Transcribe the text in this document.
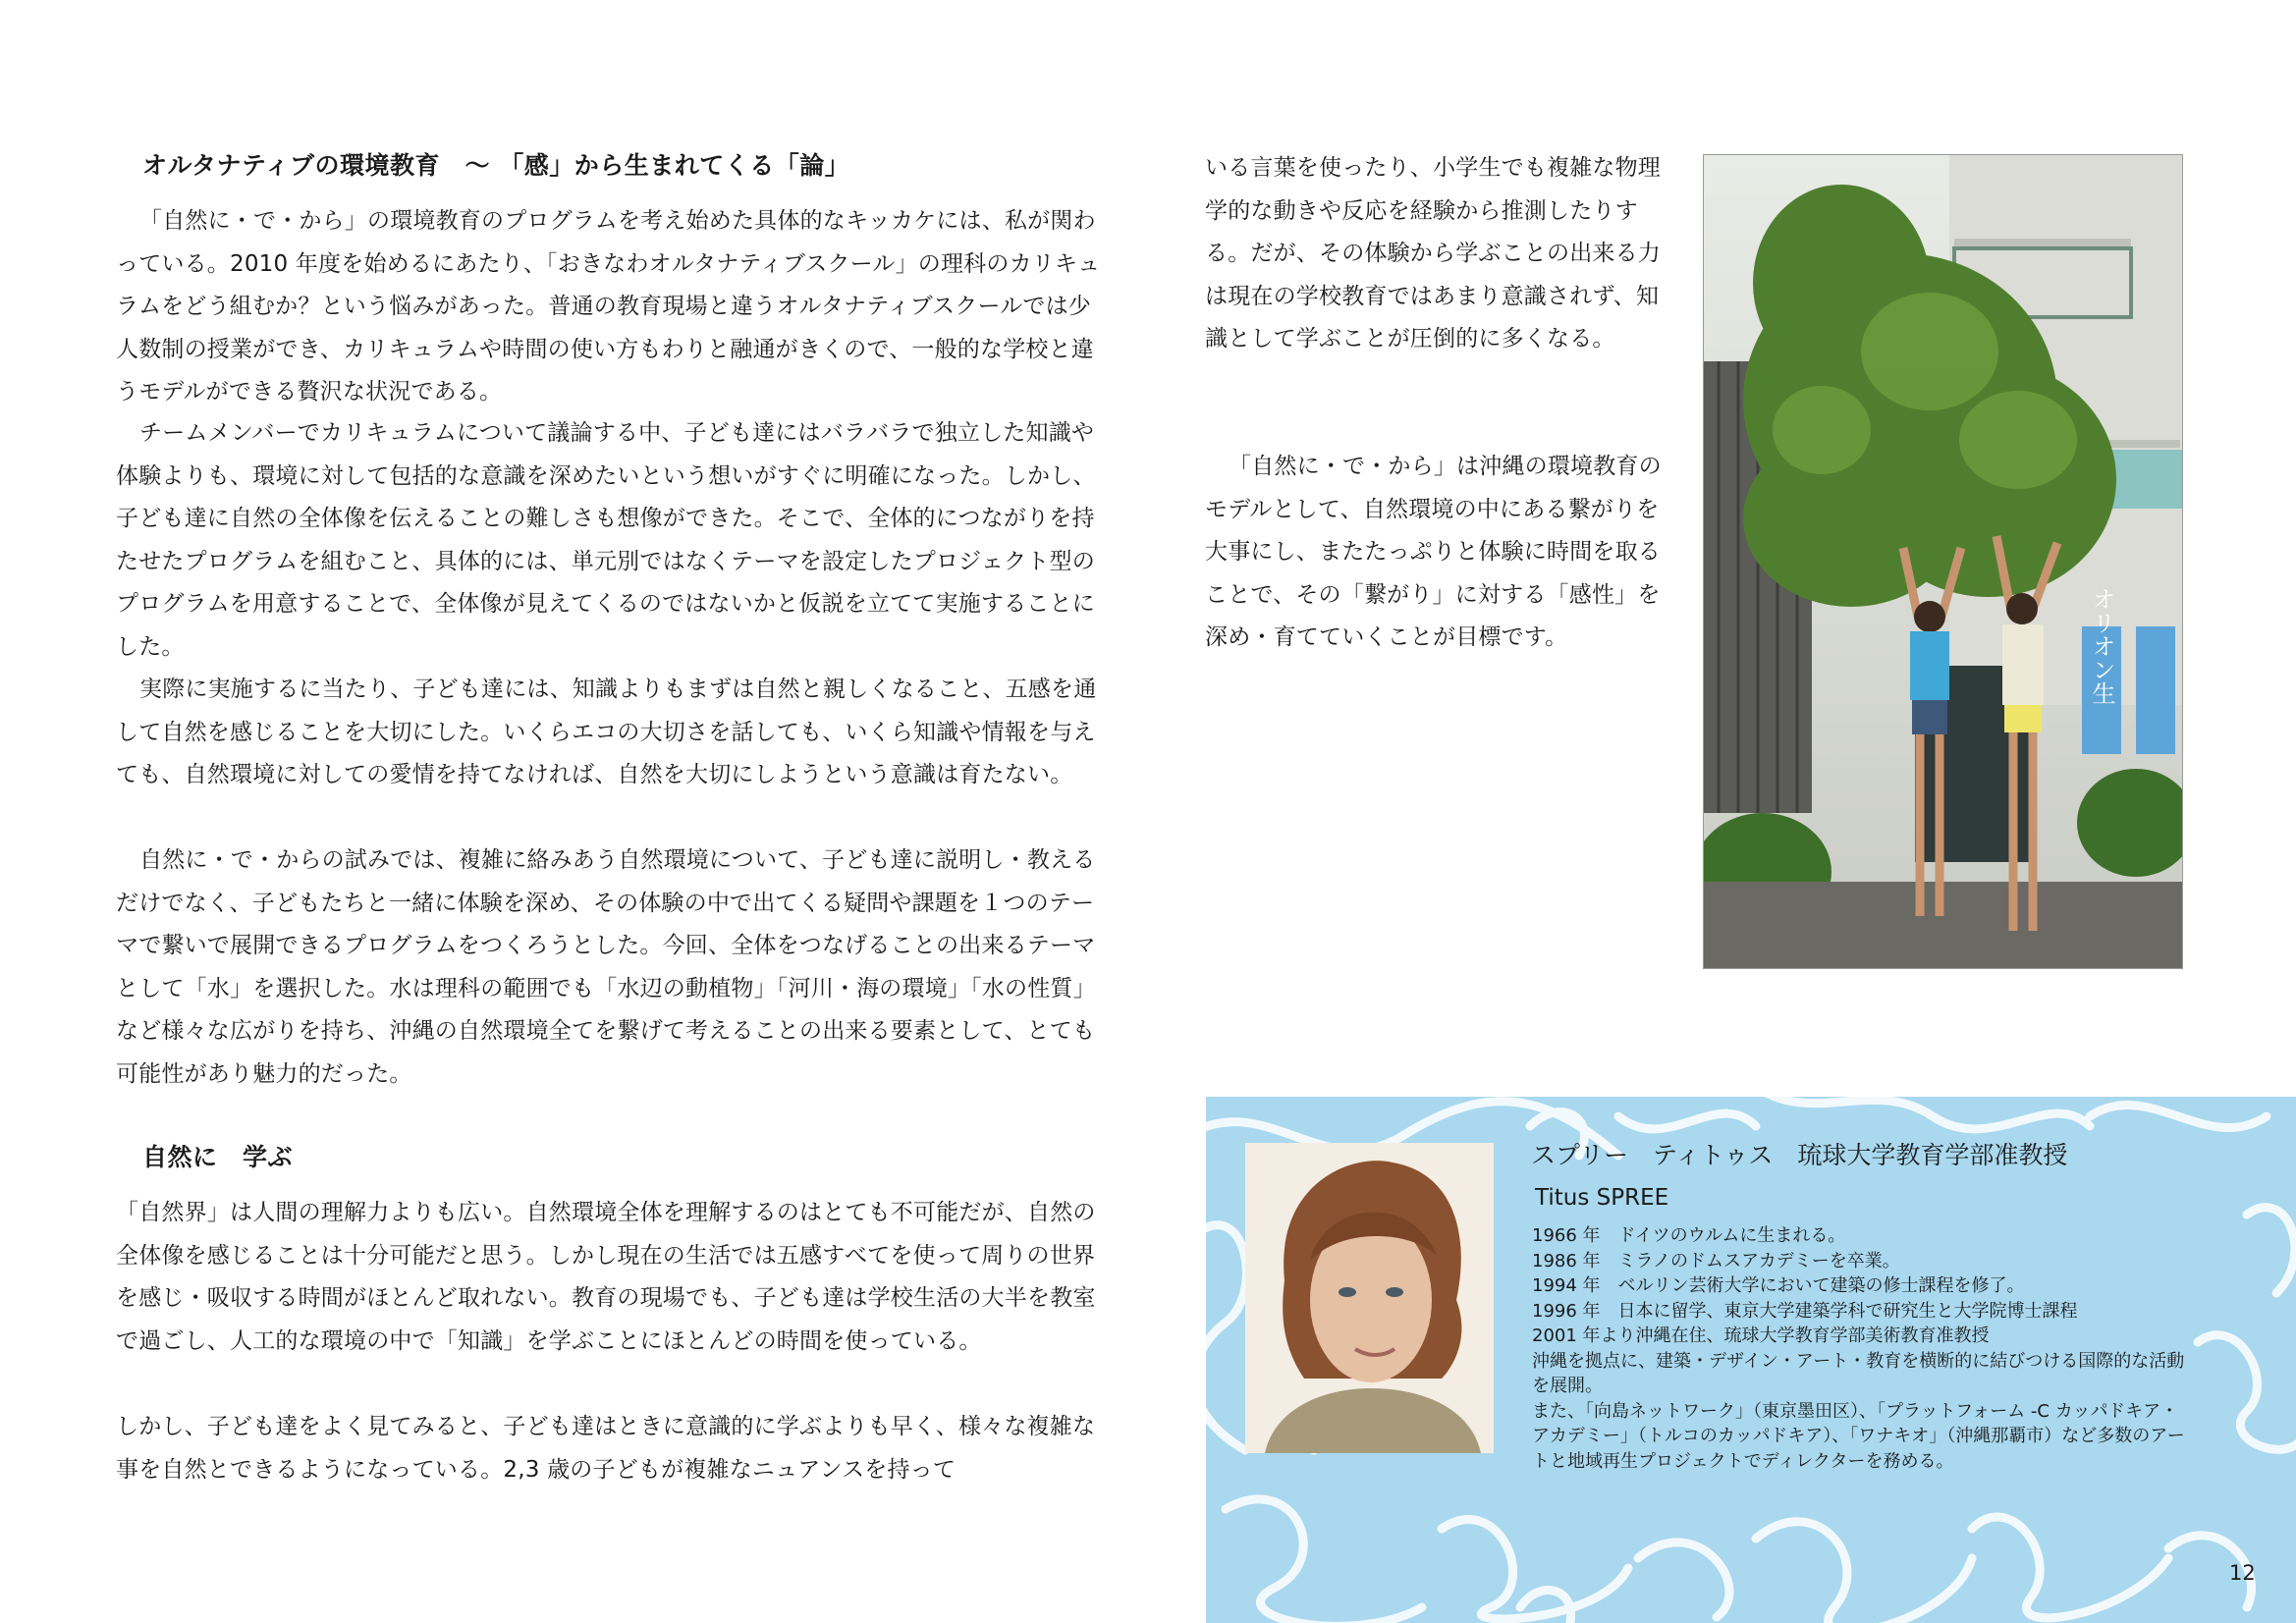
オルタナティブの環境教育　～ 「感」から生まれてくる「論」

「自然に・で・から」の環境教育のプログラムを考え始めた具体的なキッカケには、私が関わっている。2010 年度を始めるにあたり、「おきなわオルタナティブスクール」の理科のカリキュラムをどう組むか？という悩みがあった。普通の教育現場と違うオルタナティブスクールでは少人数制の授業ができ、カリキュラムや時間の使い方もわりと融通がきくので、一般的な学校と違うモデルができる贅沢な状況である。

チームメンバーでカリキュラムについて議論する中、子ども達にはバラバラで独立した知識や体験よりも、環境に対して包括的な意識を深めたいという想いがすぐに明確になった。しかし、子ども達に自然の全体像を伝えることの難しさも想像ができた。そこで、全体的につながりを持たせたプログラムを組むこと、具体的には、単元別ではなくテーマを設定したプロジェクト型のプログラムを用意することで、全体像が見えてくるのではないかと仮説を立てて実施することにした。

実際に実施するに当たり、子ども達には、知識よりもまずは自然と親しくなること、五感を通して自然を感じることを大切にした。いくらエコの大切さを話しても、いくら知識や情報を与えても、自然環境に対しての愛情を持てなければ、自然を大切にしようという意識は育たない。

自然に・で・からの試みでは、複雑に絡みあう自然環境について、子ども達に説明し・教えるだけでなく、子どもたちと一緒に体験を深め、その体験の中で出てくる疑問や課題を１つのテーマで繋いで展開できるプログラムをつくろうとした。今回、全体をつなげることの出来るテーマとして「水」を選択した。水は理科の範囲でも「水辺の動植物」「河川・海の環境」「水の性質」など様々な広がりを持ち、沖縄の自然環境全てを繋げて考えることの出来る要素として、とても可能性があり魅力的だった。

自然に　学ぶ

「自然界」は人間の理解力よりも広い。自然環境全体を理解するのはとても不可能だが、自然の全体像を感じることは十分可能だと思う。しかし現在の生活では五感すべてを使って周りの世界を感じ・吸収する時間がほとんど取れない。教育の現場でも、子ども達は学校生活の大半を教室で過ごし、人工的な環境の中で「知識」を学ぶことにほとんどの時間を使っている。

しかし、子ども達をよく見てみると、子ども達はときに意識的に学ぶよりも早く、様々な複雑な事を自然とできるようになっている。2,3 歳の子どもが複雑なニュアンスを持って

いる言葉を使ったり、小学生でも複雑な物理学的な動きや反応を経験から推測したりする。だが、その体験から学ぶことの出来る力は現在の学校教育ではあまり意識されず、知識として学ぶことが圧倒的に多くなる。

「自然に・で・から」は沖縄の環境教育のモデルとして、自然環境の中にある繋がりを大事にし、またたっぷりと体験に時間を取ることで、その「繋がり」に対する「感性」を深め・育てていくことが目標です。	オリオン生
スプリー　ティトゥス　琉球大学教育学部准教授
Titus SPREE
1966 年　ドイツのウルムに生まれる。
1986 年　ミラノのドムスアカデミーを卒業。
1994 年　ベルリン芸術大学において建築の修士課程を修了。
1996 年　日本に留学、東京大学建築学科で研究生と大学院博士課程
2001 年より沖縄在住、琉球大学教育学部美術教育准教授
沖縄を拠点に、建築・デザイン・アート・教育を横断的に結びつける国際的な活動を展開。
また、「向島ネットワーク」（東京墨田区）、「プラットフォーム -C カッパドキア・アカデミー」（トルコのカッパドキア）、「ワナキオ」（沖縄那覇市）など多数のアートと地域再生プロジェクトでディレクターを務める。
12
